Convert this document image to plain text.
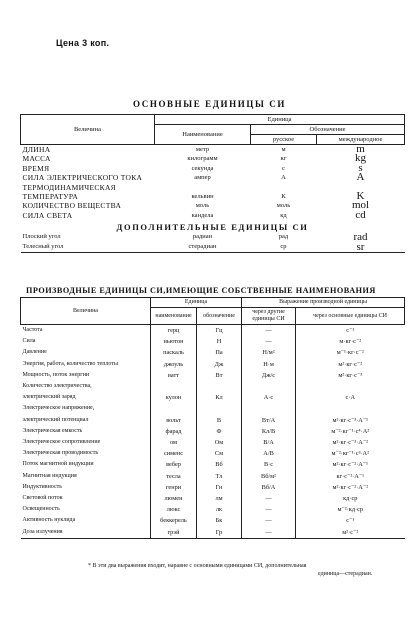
Цена 3 коп.
ОСНОВНЫЕ ЕДИНИЦЫ СИ
Величина	Единица		
	Наименование	Обозначение	
		русское	международное
ДЛИНА	метр	м	m
МАССА	килограмм	кг	kg
ВРЕМЯ	секунда	с	s
СИЛА ЭЛЕКТРИЧЕСКОГО ТОКА	ампер	А	A
ТЕРМОДИНАМИЧЕСКАЯ			
ТЕМПЕРАТУРА	кельвин	К	K
КОЛИЧЕСТВО ВЕЩЕСТВА	моль	моль	mol
СИЛА СВЕТА	кандела	кд	cd
ДОПОЛНИТЕЛЬНЫЕ ЕДИНИЦЫ СИ			
Плоский угол	радиан	рад	rad
Телесный угол	стерадиан	ср	sr
ПРОИЗВОДНЫЕ ЕДИНИЦЫ СИ,ИМЕЮЩИЕ СОБСТВЕННЫЕ НАИМЕНОВАНИЯ
Величина	Единица		Выражение производной единицы	
	наименование	обозначение	через другие единицы СИ	через основные единицы СИ
Частота	герц	Гц	—	с⁻¹
Сила	ньютон	Н	—	м·кг·с⁻²
Давление	паскаль	Па	Н/м²	м⁻¹·кг·с⁻²
Энергия, работа, количество теплоты	джоуль	Дж	Н·м	м²·кг·с⁻²
Мощность, поток энергии	ватт	Вт	Дж/с	м²·кг·с⁻³
Количество электричества,				
электрический заряд	кулон	Кл	А·с	с·А
Электрическое напряжение,				
электрический потенциал	вольт	В	Вт/А	м²·кг·с⁻³·А⁻¹
Электрическая емкость	фарад	Ф	Кл/В	м⁻²·кг⁻¹·с⁴·А²
Электрическое сопротивление	ом	Ом	В/А	м²·кг·с⁻³·А⁻²
Электрическая проводимость	сименс	См	А/В	м⁻²·кг⁻¹·с³·А²
Поток магнитной индукции	вебер	Вб	В·с	м²·кг·с⁻²·А⁻¹
Магнитная индукция	тесла	Тл	Вб/м²	кг·с⁻²·А⁻¹
Индуктивность	генри	Гн	Вб/А	м²·кг·с⁻²·А⁻²
Световой поток	люмен	лм	—	кд·ср
Освещенность	люкс	лк	—	м⁻²·кд·ср
Активность нуклида	беккерель	Бк	—	с⁻¹
Доза излучения	грэй	Гр	—	м²·с⁻²
* В эти два выражения входит, наравне с основными единицами СИ, дополнительная
единица—стерадиан.
